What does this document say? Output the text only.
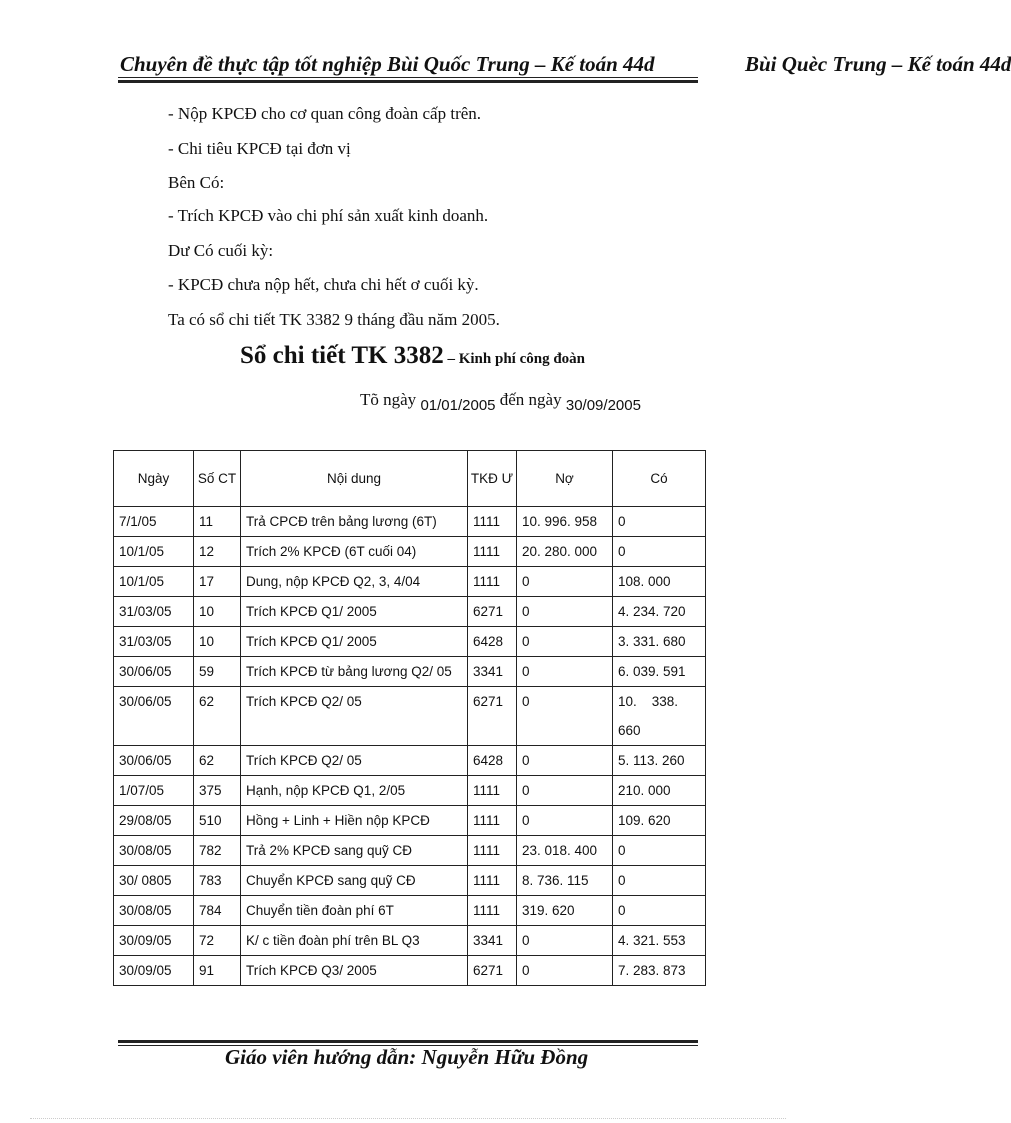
Chuyên đề thực tập tốt nghiệp Bùi Quốc Trung – Kế toán 44d	Bùi Quèc Trung – Kế toán 44d
- Nộp KPCĐ cho cơ quan công đoàn cấp trên.
- Chi tiêu KPCĐ tại đơn vị
Bên Có:
- Trích KPCĐ vào chi phí sản xuất kinh doanh.
Dư Có cuối kỳ:
- KPCĐ chưa nộp hết, chưa chi hết ơ cuối kỳ.
Ta có sổ chi tiết TK 3382 9 tháng đầu năm 2005.
Sổ chi tiết TK 3382 – Kinh phí công đoàn
Tõ ngày 01/01/2005 đến ngày 30/09/2005
Ngày	Số CT	Nội dung	TKĐ Ư	Nợ	Có
7/1/05	11	Trả CPCĐ trên bảng lương (6T)	1111	10. 996. 958	0
10/1/05	12	Trích 2% KPCĐ (6T cuối 04)	1111	20. 280. 000	0
10/1/05	17	Dung, nộp KPCĐ Q2, 3, 4/04	1111	0	108. 000
31/03/05	10	Trích KPCĐ Q1/ 2005	6271	0	4. 234. 720
31/03/05	10	Trích KPCĐ Q1/ 2005	6428	0	3. 331. 680
30/06/05	59	Trích KPCĐ từ bảng lương Q2/ 05	3341	0	6. 039. 591
30/06/05	62	Trích KPCĐ Q2/ 05	6271	0	10.    338. 660
30/06/05	62	Trích KPCĐ Q2/ 05	6428	0	5. 113. 260
1/07/05	375	Hạnh, nộp KPCĐ Q1, 2/05	1111	0	210. 000
29/08/05	510	Hồng + Linh + Hiền nộp KPCĐ	1111	0	109. 620
30/08/05	782	Trả 2% KPCĐ sang quỹ CĐ	1111	23. 018. 400	0
30/ 0805	783	Chuyển KPCĐ sang quỹ CĐ	1111	8. 736. 115	0
30/08/05	784	Chuyển tiền đoàn phí 6T	1111	319. 620	0
30/09/05	72	K/ c tiền đoàn phí trên BL Q3	3341	0	4. 321. 553
30/09/05	91	Trích KPCĐ Q3/ 2005	6271	0	7. 283. 873
Giáo viên hướng dẫn: Nguyễn Hữu Đồng
